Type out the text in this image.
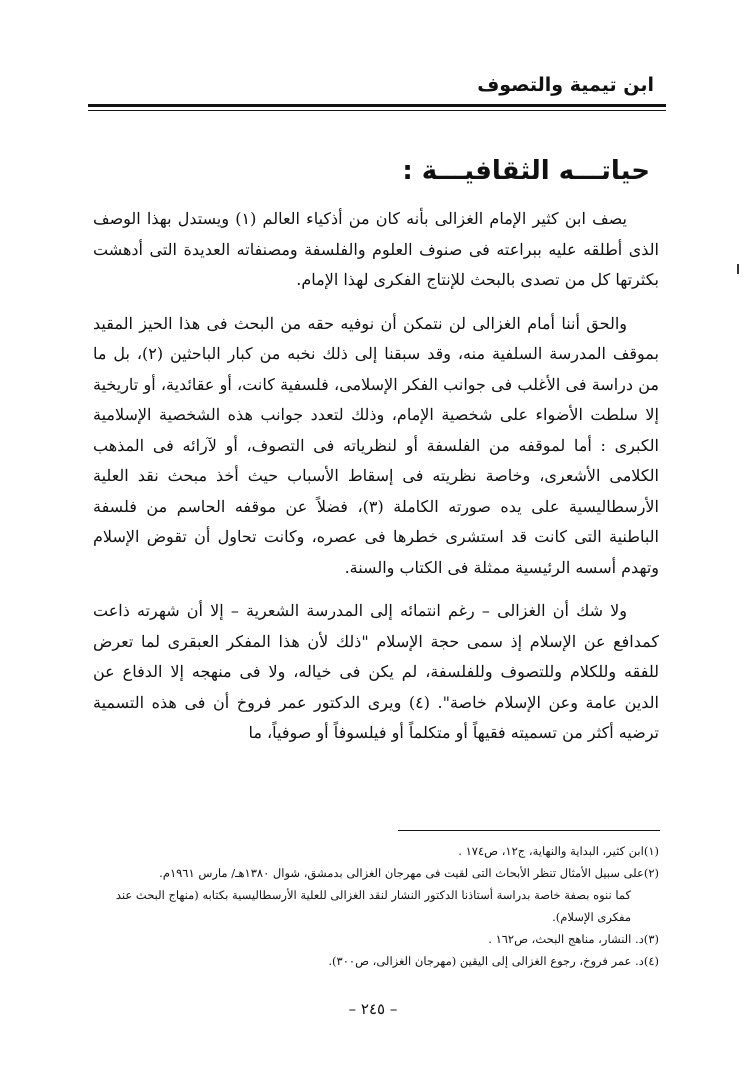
ابن تيمية والتصوف
حياتـــه الثقافيـــة :

يصف ابن كثير الإمام الغزالى بأنه كان من أذكياء العالم (١) ويستدل بهذا الوصف الذى أطلقه عليه ببراعته فى صنوف العلوم والفلسفة ومصنفاته العديدة التى أدهشت بكثرتها كل من تصدى بالبحث للإنتاج الفكرى لهذا الإمام.

والحق أننا أمام الغزالى لن نتمكن أن نوفيه حقه من البحث فى هذا الحيز المقيد بموقف المدرسة السلفية منه، وقد سبقنا إلى ذلك نخبه من كبار الباحثين (٢)، بل ما من دراسة فى الأغلب فى جوانب الفكر الإسلامى، فلسفية كانت، أو عقائدية، أو تاريخية إلا سلطت الأضواء على شخصية الإمام، وذلك لتعدد جوانب هذه الشخصية الإسلامية الكبرى : أما لموقفه من الفلسفة أو لنظرياته فى التصوف، أو لآرائه فى المذهب الكلامى الأشعرى، وخاصة نظريته فى إسقاط الأسباب حيث أخذ مبحث نقد العلية الأرسطاليسية على يده صورته الكاملة (٣)، فضلاً عن موقفه الحاسم من فلسفة الباطنية التى كانت قد استشرى خطرها فى عصره، وكانت تحاول أن تقوض الإسلام وتهدم أسسه الرئيسية ممثلة فى الكتاب والسنة.

ولا شك أن الغزالى – رغم انتمائه إلى المدرسة الشعرية – إلا أن شهرته ذاعت كمدافع عن الإسلام إذ سمى حجة الإسلام "ذلك لأن هذا المفكر العبقرى لما تعرض للفقه وللكلام وللتصوف وللفلسفة، لم يكن فى خياله، ولا فى منهجه إلا الدفاع عن الدين عامة وعن الإسلام خاصة". (٤) ويرى الدكتور عمر فروخ أن فى هذه التسمية ترضيه أكثر من تسميته فقيهاً أو متكلماً أو فيلسوفاً أو صوفياً، ما

(١)ابن كثير، البداية والنهاية، ج١٢، ص١٧٤ .
(٢)على سبيل الأمثال تنظر الأبحاث التى لقيت فى مهرجان الغزالى بدمشق، شوال ١٣٨٠هـ/ مارس ١٩٦١م.
كما ننوه بصفة خاصة بدراسة أستاذنا الدكتور النشار لنقد الغزالى للعلية الأرسطاليسية بكتابه (منهاج البحث عند مفكرى الإسلام).
(٣)د. النشار، مناهج البحث، ص١٦٢ .
(٤)د. عمر فروخ، رجوع الغزالى إلى اليقين (مهرجان الغزالى، ص٣٠٠).
– ٢٤٥ –
